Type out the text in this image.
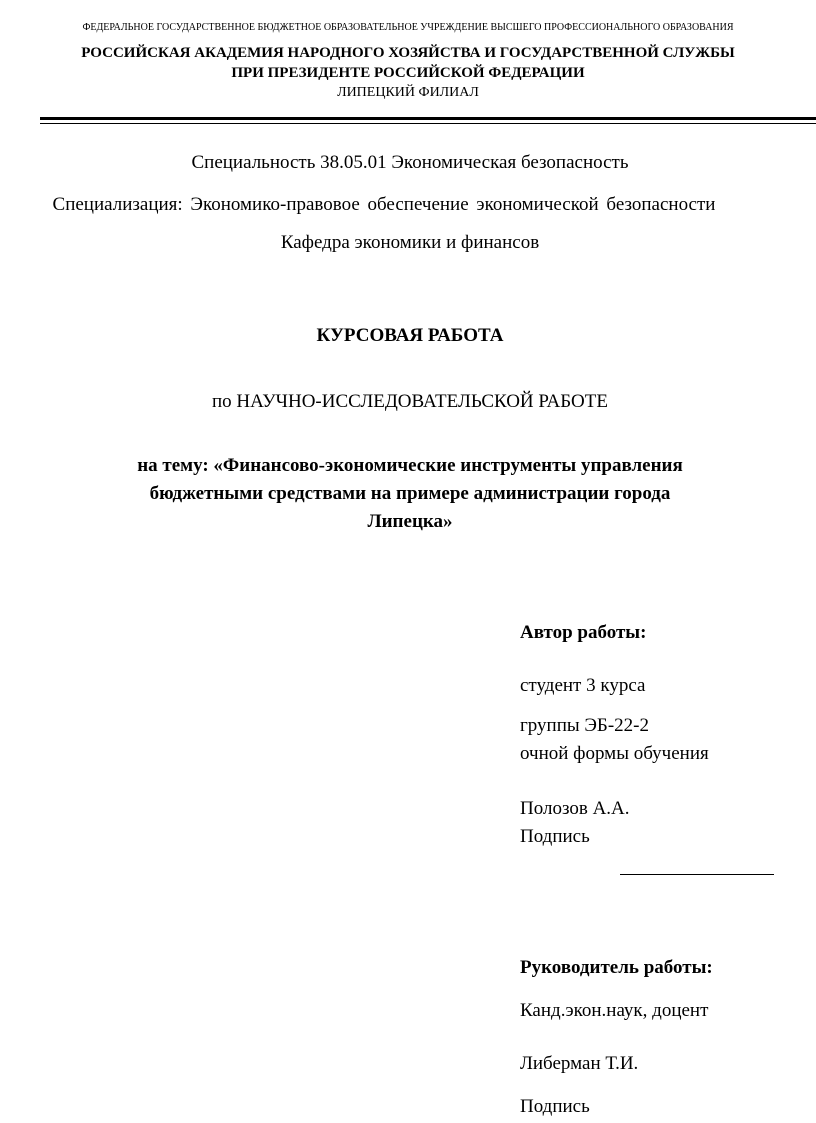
ФЕДЕРАЛЬНОЕ ГОСУДАРСТВЕННОЕ БЮДЖЕТНОЕ ОБРАЗОВАТЕЛЬНОЕ УЧРЕЖДЕНИЕ ВЫСШЕГО ПРОФЕССИОНАЛЬНОГО ОБРАЗОВАНИЯ
РОССИЙСКАЯ АКАДЕМИЯ НАРОДНОГО ХОЗЯЙСТВА И ГОСУДАРСТВЕННОЙ СЛУЖБЫ
ПРИ ПРЕЗИДЕНТЕ РОССИЙСКОЙ ФЕДЕРАЦИИ
ЛИПЕЦКИЙ ФИЛИАЛ
Специальность 38.05.01 Экономическая безопасность
Специализация: Экономико-правовое обеспечение экономической безопасности
Кафедра экономики и финансов
КУРСОВАЯ РАБОТА
по НАУЧНО-ИССЛЕДОВАТЕЛЬСКОЙ РАБОТЕ
на тему: «Финансово-экономические инструменты управления
бюджетными средствами на примере администрации города
Липецка»
Автор работы:
студент 3 курса
группы ЭБ-22-2
очной формы обучения
Полозов А.А.
Подпись
Руководитель работы:
Канд.экон.наук, доцент
Либерман Т.И.
Подпись
